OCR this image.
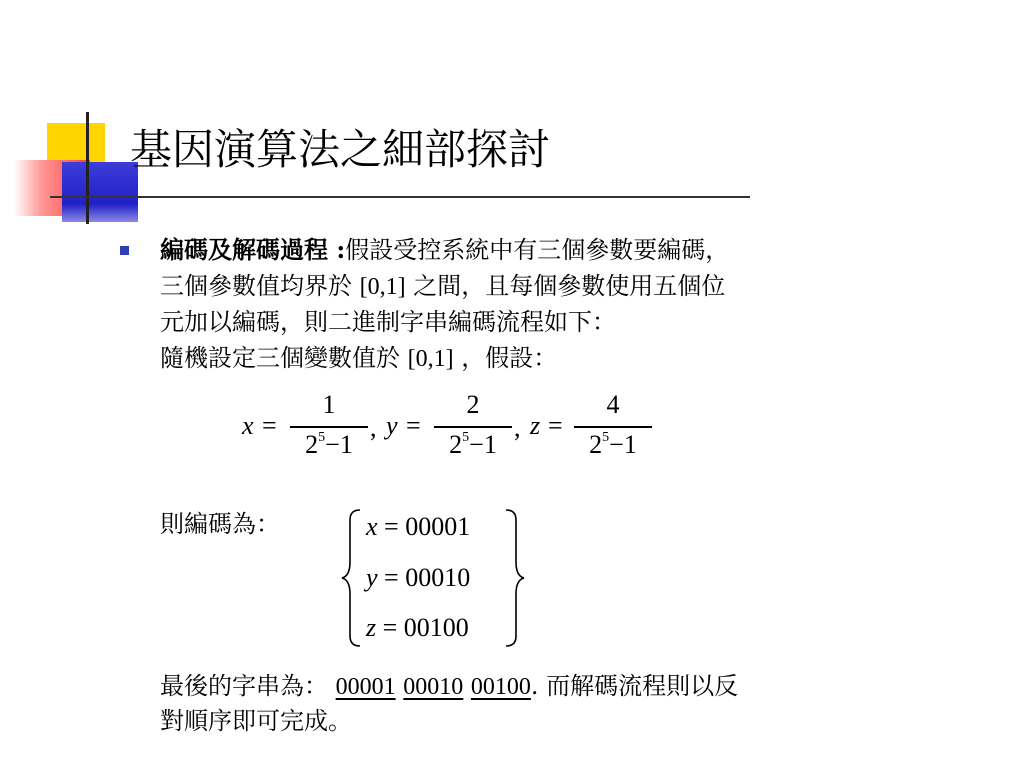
基因演算法之細部探討
編碼及解碼過程 :假設受控系統中有三個參數要編碼，
三個參數值均界於 [0,1] 之間，且每個參數使用五個位
元加以編碼，則二進制字串編碼流程如下：
隨機設定三個變數值於 [0,1] ，假設：
x =
1
$2^5-1$
, y =
2
$2^5-1$
, z =
4
$2^5-1$
則編碼為：	x = 00001
y = 00010
z = 00100
最後的字串為： 00001 00010 00100. 而解碼流程則以反
對順序即可完成。
